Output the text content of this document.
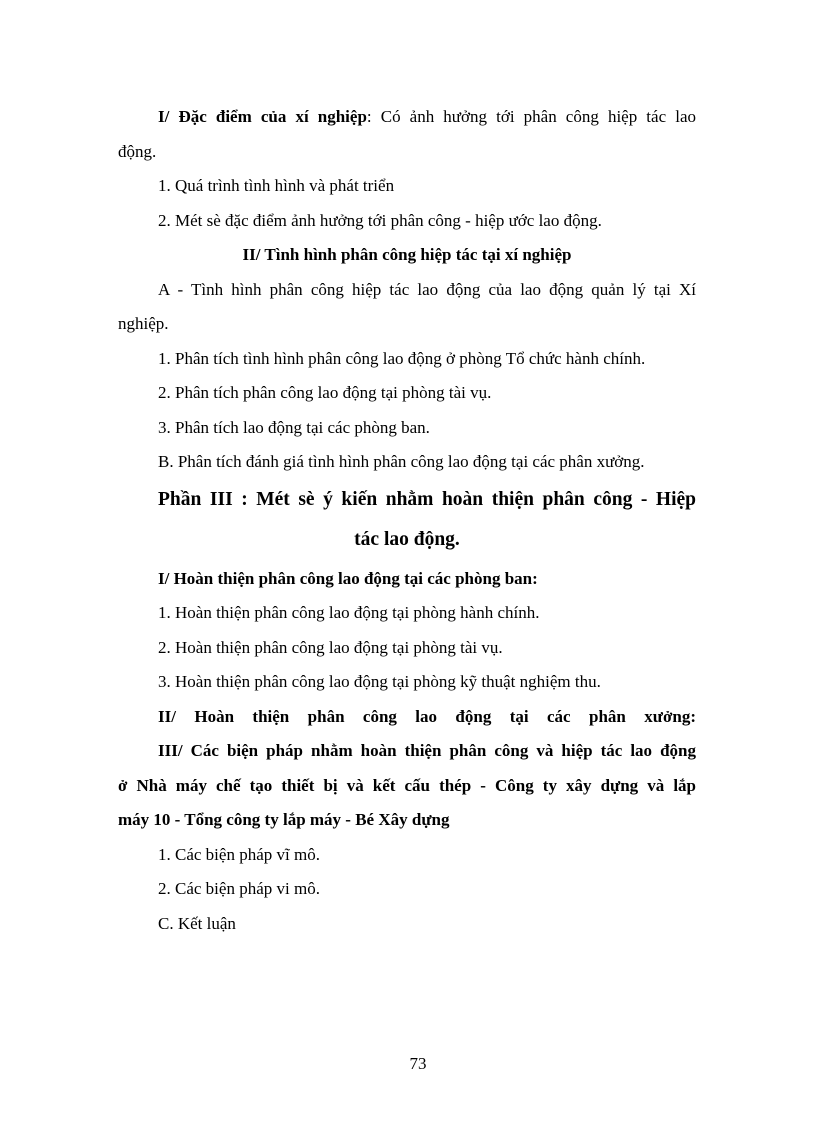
I/ Đặc điểm của xí nghiệp: Có ảnh hưởng tới phân công hiệp tác lao

động.

1. Quá trình tình hình và phát triển

2. Mét sè đặc điểm ảnh hưởng tới phân công - hiệp ước lao động.

II/ Tình hình phân công hiệp tác tại xí nghiệp

A - Tình hình phân công hiệp tác lao động của lao động quản lý tại Xí

nghiệp.

1. Phân tích tình hình phân công lao động ở phòng Tổ chức hành chính.

2. Phân tích phân công lao động tại phòng tài vụ.

3. Phân tích lao động tại các phòng ban.

B. Phân tích đánh giá tình hình phân công lao động tại các phân xưởng.

Phần III : Mét sè ý kiến nhằm hoàn thiện phân công - Hiệp

tác lao động.

I/ Hoàn thiện phân công lao động tại các phòng ban:

1. Hoàn thiện phân công lao động tại phòng hành chính.

2. Hoàn thiện phân công lao động tại phòng tài vụ.

3. Hoàn thiện phân công lao động tại phòng kỹ thuật nghiệm thu.

II/ Hoàn thiện phân công lao động tại các phân xưởng:

III/ Các biện pháp nhằm hoàn thiện phân công và hiệp tác lao động

ở Nhà máy chế tạo thiết bị và kết cấu thép - Công ty xây dựng và lắp

máy 10 - Tổng công ty lắp máy - Bé Xây dựng

1. Các biện pháp vĩ mô.

2. Các biện pháp vi mô.

C. Kết luận

73
